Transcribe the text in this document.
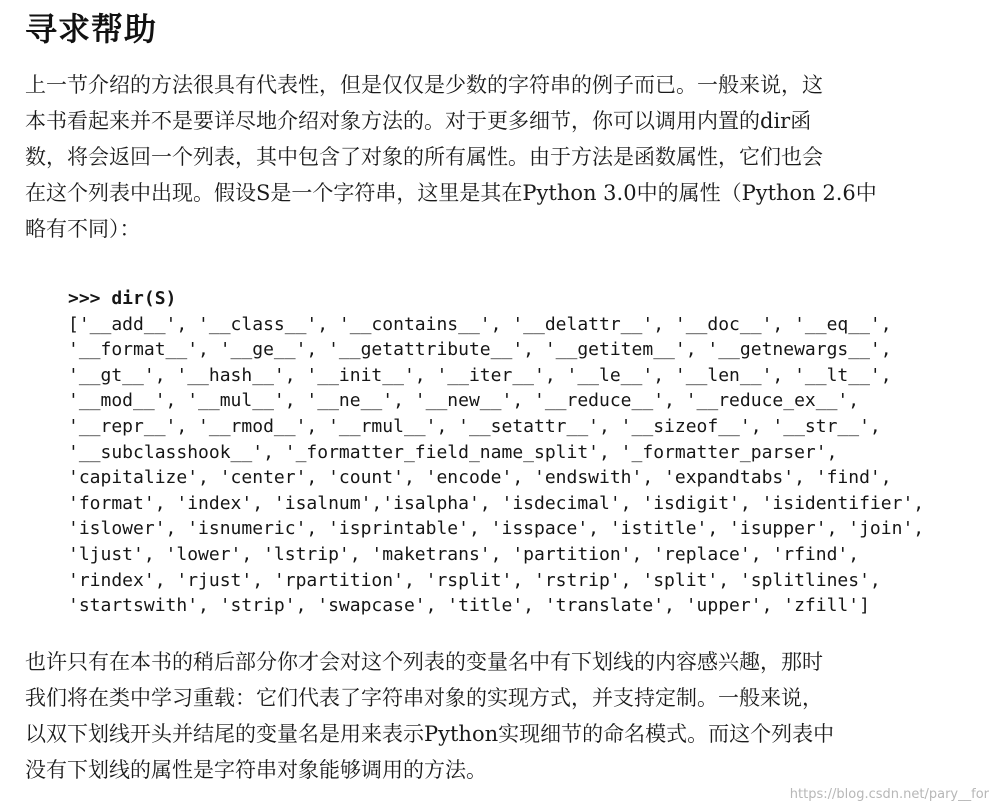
寻求帮助
上一节介绍的方法很具有代表性，但是仅仅是少数的字符串的例子而已。一般来说，这
本书看起来并不是要详尽地介绍对象方法的。对于更多细节，你可以调用内置的dir函
数，将会返回一个列表，其中包含了对象的所有属性。由于方法是函数属性，它们也会
在这个列表中出现。假设S是一个字符串，这里是其在Python 3.0中的属性（Python 2.6中
略有不同）：
>>> dir(S)
['__add__', '__class__', '__contains__', '__delattr__', '__doc__', '__eq__',
'__format__', '__ge__', '__getattribute__', '__getitem__', '__getnewargs__',
'__gt__', '__hash__', '__init__', '__iter__', '__le__', '__len__', '__lt__',
'__mod__', '__mul__', '__ne__', '__new__', '__reduce__', '__reduce_ex__',
'__repr__', '__rmod__', '__rmul__', '__setattr__', '__sizeof__', '__str__',
'__subclasshook__', '_formatter_field_name_split', '_formatter_parser',
'capitalize', 'center', 'count', 'encode', 'endswith', 'expandtabs', 'find',
'format', 'index', 'isalnum','isalpha', 'isdecimal', 'isdigit', 'isidentifier',
'islower', 'isnumeric', 'isprintable', 'isspace', 'istitle', 'isupper', 'join',
'ljust', 'lower', 'lstrip', 'maketrans', 'partition', 'replace', 'rfind',
'rindex', 'rjust', 'rpartition', 'rsplit', 'rstrip', 'split', 'splitlines',
'startswith', 'strip', 'swapcase', 'title', 'translate', 'upper', 'zfill']
也许只有在本书的稍后部分你才会对这个列表的变量名中有下划线的内容感兴趣，那时
我们将在类中学习重载：它们代表了字符串对象的实现方式，并支持定制。一般来说，
以双下划线开头并结尾的变量名是用来表示Python实现细节的命名模式。而这个列表中
没有下划线的属性是字符串对象能够调用的方法。
https://blog.csdn.net/pary__for
